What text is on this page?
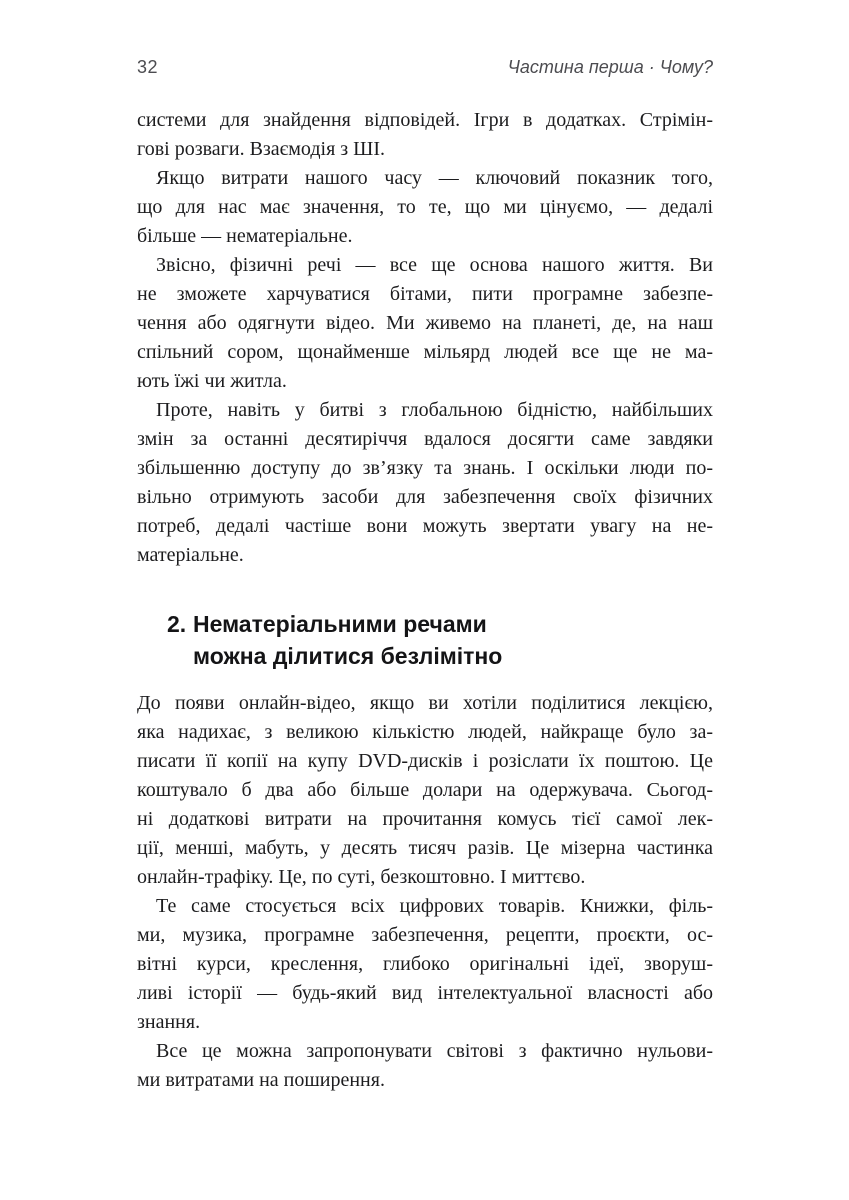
32	Частина перша · Чому?
системи для знайдення відповідей. Ігри в додатках. Стрімін-
гові розваги. Взаємодія з ШІ.
Якщо витрати нашого часу — ключовий показник того,
що для нас має значення, то те, що ми цінуємо, — дедалі
більше — нематеріальне.
Звісно, фізичні речі — все ще основа нашого життя. Ви
не зможете харчуватися бітами, пити програмне забезпе-
чення або одягнути відео. Ми живемо на планеті, де, на наш
спільний сором, щонайменше мільярд людей все ще не ма-
ють їжі чи житла.
Проте, навіть у битві з глобальною бідністю, найбільших
змін за останні десятиріччя вдалося досягти саме завдяки
збільшенню доступу до зв’язку та знань. І оскільки люди по-
вільно отримують засоби для забезпечення своїх фізичних
потреб, дедалі частіше вони можуть звертати увагу на не-
матеріальне.
2. Нематеріальними речами
можна ділитися безлімітно
До появи онлайн-відео, якщо ви хотіли поділитися лекцією,
яка надихає, з великою кількістю людей, найкраще було за-
писати її копії на купу DVD-дисків і розіслати їх поштою. Це
коштувало б два або більше долари на одержувача. Сьогод-
ні додаткові витрати на прочитання комусь тієї самої лек-
ції, менші, мабуть, у десять тисяч разів. Це мізерна частинка
онлайн-трафіку. Це, по суті, безкоштовно. І миттєво.
Те саме стосується всіх цифрових товарів. Книжки, філь-
ми, музика, програмне забезпечення, рецепти, проєкти, ос-
вітні курси, креслення, глибоко оригінальні ідеї, зворуш-
ливі історії — будь-який вид інтелектуальної власності або
знання.
Все це можна запропонувати світові з фактично нульови-
ми витратами на поширення.
